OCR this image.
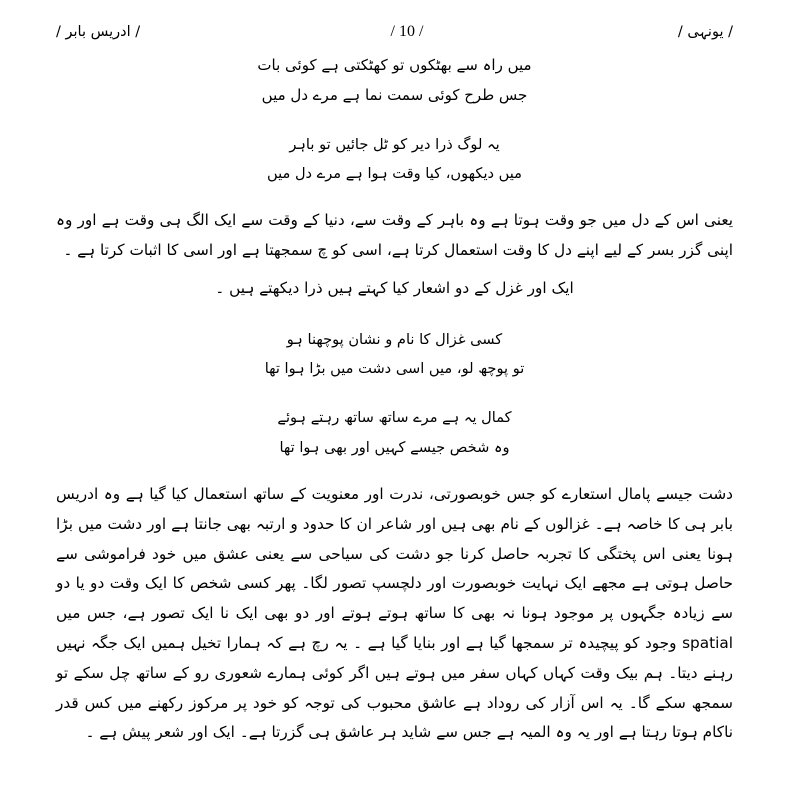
/ یونہی /
/ 10 /
/ ادریس بابر /
میں راہ سے بھٹکوں تو کھٹکتی ہے کوئی بات
جس طرح کوئی سمت نما ہے مرے دل میں
یہ لوگ ذرا دیر کو ٹل جائیں تو باہر
میں دیکھوں، کیا وقت ہوا ہے مرے دل میں
یعنی اس کے دل میں جو وقت ہوتا ہے وہ باہر کے وقت سے، دنیا کے وقت سے ایک الگ ہی وقت ہے اور وہ اپنی گزر بسر کے لیے اپنے دل کا وقت استعمال کرتا ہے، اسی کو چ سمجھتا ہے اور اسی کا اثبات کرتا ہے ۔
ایک اور غزل کے دو اشعار کیا کہتے ہیں ذرا دیکھتے ہیں ۔
کسی غزال کا نام و نشان پوچھنا ہو
تو پوچھ لو، میں اسی دشت میں بڑا ہوا تھا
کمال یہ ہے مرے ساتھ ساتھ رہتے ہوئے
وہ شخص جیسے کہیں اور بھی ہوا تھا
دشت جیسے پامال استعارے کو جس خوبصورتی، ندرت اور معنویت کے ساتھ استعمال کیا گیا ہے وہ ادریس بابر ہی کا خاصہ ہے۔ غزالوں کے نام بھی ہیں اور شاعر ان کا حدود و ارتبہ بھی جانتا ہے اور دشت میں بڑا ہونا یعنی اس پختگی کا تجربہ حاصل کرنا جو دشت کی سیاحی سے یعنی عشق میں خود فراموشی سے حاصل ہوتی ہے مجھے ایک نہایت خوبصورت اور دلچسپ تصور لگا۔ پھر کسی شخص کا ایک وقت دو یا دو سے زیادہ جگہوں پر موجود ہونا نہ بھی کا ساتھ ہوتے ہوتے اور دو بھی ایک نا ایک تصور ہے، جس میں spatial وجود کو پیچیدہ تر سمجھا گیا ہے اور بنایا گیا ہے ۔ یہ رچ ہے کہ ہمارا تخیل ہمیں ایک جگہ نہیں رہنے دیتا۔ ہم بیک وقت کہاں کہاں سفر میں ہوتے ہیں اگر کوئی ہمارے شعوری رو کے ساتھ چل سکے تو سمجھ سکے گا۔ یہ اس آزار کی روداد ہے عاشق محبوب کی توجہ کو خود پر مرکوز رکھنے میں کس قدر ناکام ہوتا رہتا ہے اور یہ وہ المیہ ہے جس سے شاید ہر عاشق ہی گزرتا ہے۔ ایک اور شعر پیش ہے ۔
